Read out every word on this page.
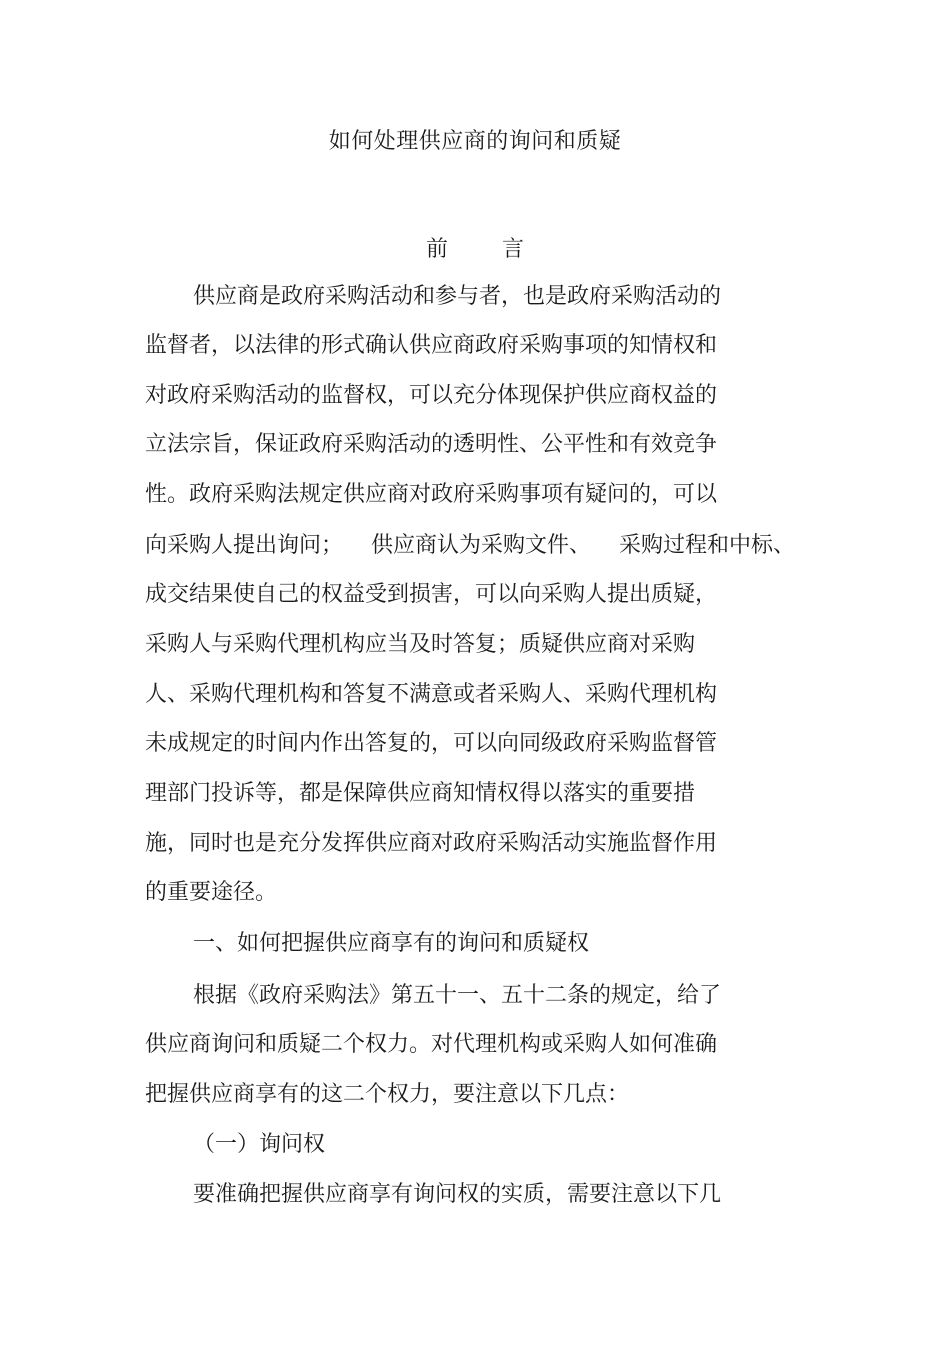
如何处理供应商的询问和质疑
前 言
供应商是政府采购活动和参与者，也是政府采购活动的
监督者，以法律的形式确认供应商政府采购事项的知情权和
对政府采购活动的监督权，可以充分体现保护供应商权益的
立法宗旨，保证政府采购活动的透明性、公平性和有效竞争
性。政府采购法规定供应商对政府采购事项有疑问的，可以
向采购人提出询问；    供应商认为采购文件、    采购过程和中标、
成交结果使自己的权益受到损害，可以向采购人提出质疑，
采购人与采购代理机构应当及时答复；质疑供应商对采购
人、采购代理机构和答复不满意或者采购人、采购代理机构
未成规定的时间内作出答复的，可以向同级政府采购监督管
理部门投诉等，都是保障供应商知情权得以落实的重要措
施，同时也是充分发挥供应商对政府采购活动实施监督作用
的重要途径。
一、如何把握供应商享有的询问和质疑权
根据《政府采购法》第五十一、五十二条的规定，给了
供应商询问和质疑二个权力。对代理机构或采购人如何准确
把握供应商享有的这二个权力，要注意以下几点：
（一）询问权
要准确把握供应商享有询问权的实质，需要注意以下几
